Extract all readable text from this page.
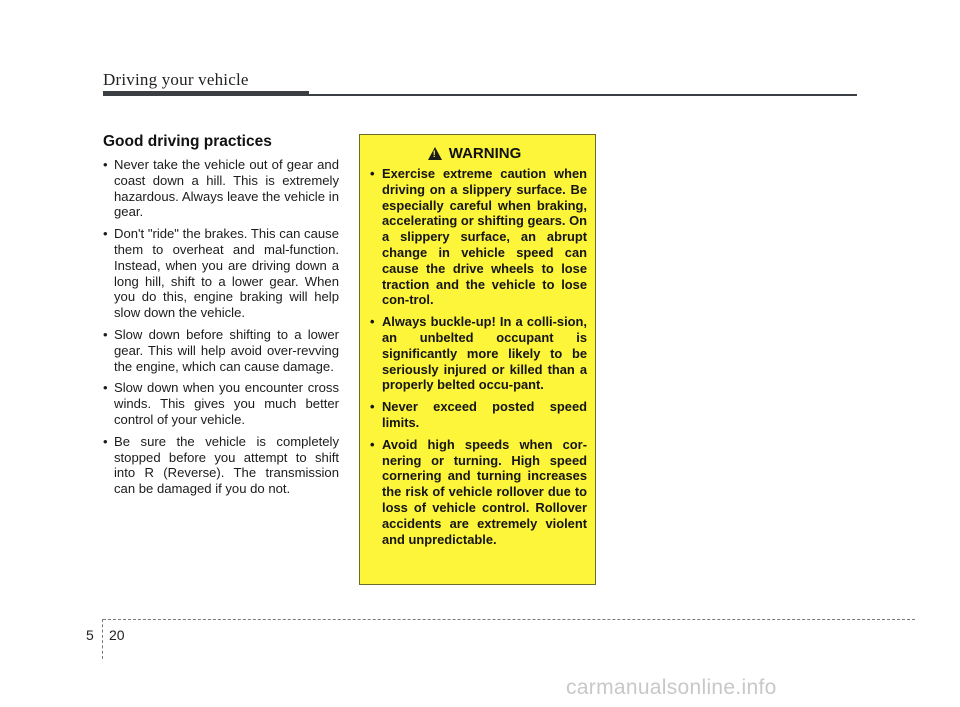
Driving your vehicle
Good driving practices
• Never take the vehicle out of gear and coast down a hill. This is extremely hazardous. Always leave the vehicle in gear.
• Don't "ride" the brakes. This can cause them to overheat and mal-function. Instead, when you are driving down a long hill, shift to a lower gear. When you do this, engine braking will help slow down the vehicle.
• Slow down before shifting to a lower gear. This will help avoid over-revving the engine, which can cause damage.
• Slow down when you encounter cross winds. This gives you much better control of your vehicle.
• Be sure the vehicle is completely stopped before you attempt to shift into R (Reverse). The transmission can be damaged if you do not.
!
WARNING
• Exercise extreme caution when driving on a slippery surface. Be especially careful when braking, accelerating or shifting gears. On a slippery surface, an abrupt change in vehicle speed can cause the drive wheels to lose traction and the vehicle to lose con-trol.
• Always buckle-up! In a colli-sion, an unbelted occupant is significantly more likely to be seriously injured or killed than a properly belted occu-pant.
• Never exceed posted speed limits.
• Avoid high speeds when cor-nering or turning. High speed cornering and turning increases the risk of vehicle rollover due to loss of vehicle control. Rollover accidents are extremely violent and unpredictable.
5 20
carmanualsonline.info
